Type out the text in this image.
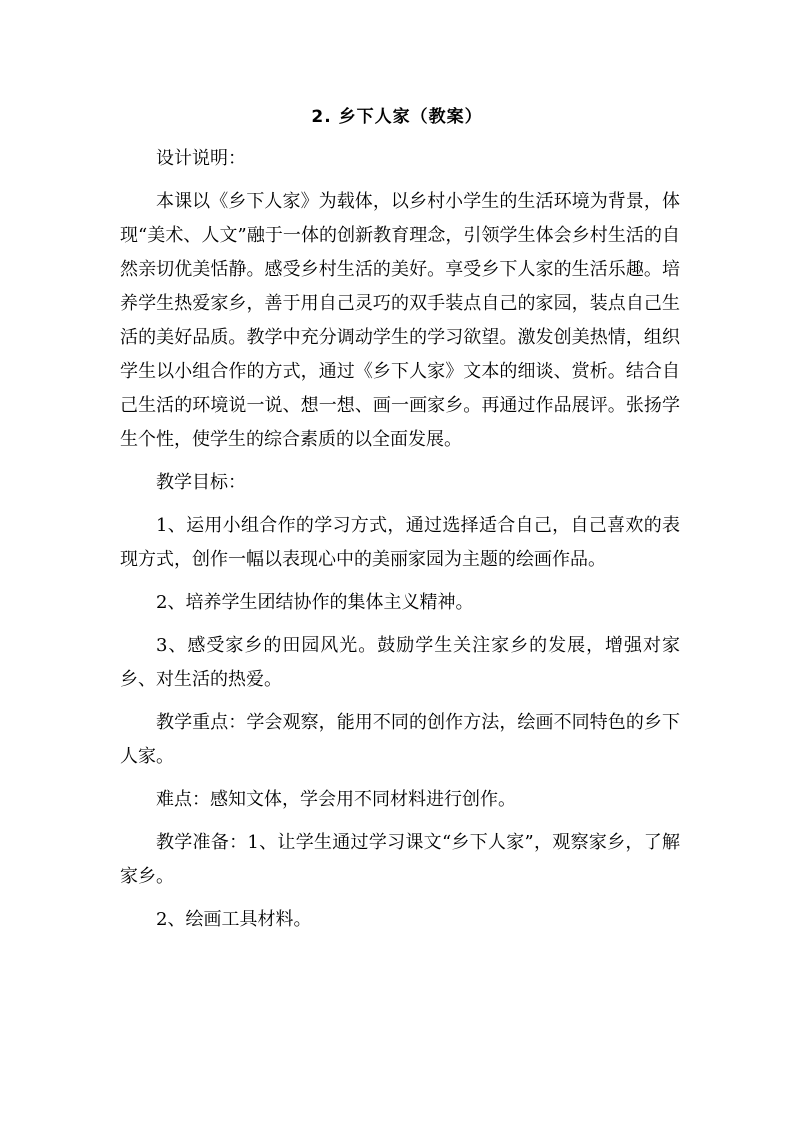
2. 乡下人家（教案）

设计说明：

本课以《乡下人家》为载体，以乡村小学生的生活环境为背景，体现“美术、人文”融于一体的创新教育理念，引领学生体会乡村生活的自然亲切优美恬静。感受乡村生活的美好。享受乡下人家的生活乐趣。培养学生热爱家乡，善于用自己灵巧的双手装点自己的家园，装点自己生活的美好品质。教学中充分调动学生的学习欲望。激发创美热情，组织学生以小组合作的方式，通过《乡下人家》文本的细谈、赏析。结合自己生活的环境说一说、想一想、画一画家乡。再通过作品展评。张扬学生个性，使学生的综合素质的以全面发展。

教学目标：

1、运用小组合作的学习方式，通过选择适合自己，自己喜欢的表现方式，创作一幅以表现心中的美丽家园为主题的绘画作品。

2、培养学生团结协作的集体主义精神。

3、感受家乡的田园风光。鼓励学生关注家乡的发展，增强对家乡、对生活的热爱。

教学重点：学会观察，能用不同的创作方法，绘画不同特色的乡下人家。

难点：感知文体，学会用不同材料进行创作。

教学准备：1、让学生通过学习课文“乡下人家”，观察家乡，了解家乡。

2、绘画工具材料。
